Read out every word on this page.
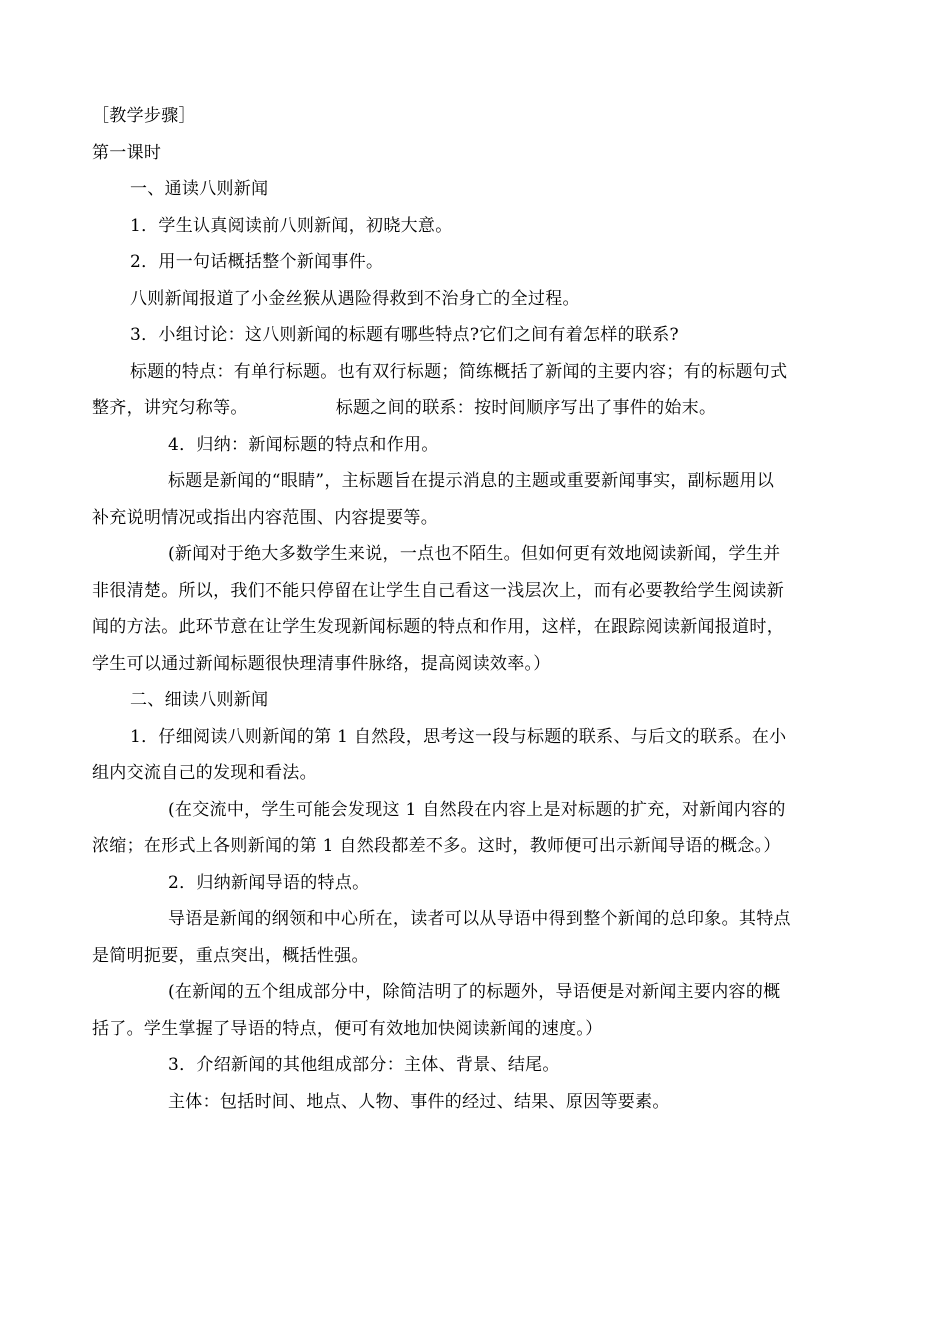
［教学步骤］
第一课时
一、通读八则新闻
1．学生认真阅读前八则新闻，初晓大意。
2．用一句话概括整个新闻事件。
八则新闻报道了小金丝猴从遇险得救到不治身亡的全过程。
3．小组讨论：这八则新闻的标题有哪些特点?它们之间有着怎样的联系?
标题的特点：有单行标题。也有双行标题；简练概括了新闻的主要内容；有的标题句式
整齐，讲究匀称等。	标题之间的联系：按时间顺序写出了事件的始末。
4．归纳：新闻标题的特点和作用。
标题是新闻的“眼睛”，主标题旨在提示消息的主题或重要新闻事实，副标题用以
补充说明情况或指出内容范围、内容提要等。
(新闻对于绝大多数学生来说，一点也不陌生。但如何更有效地阅读新闻，学生并
非很清楚。所以，我们不能只停留在让学生自己看这一浅层次上，而有必要教给学生阅读新
闻的方法。此环节意在让学生发现新闻标题的特点和作用，这样，在跟踪阅读新闻报道时，
学生可以通过新闻标题很快理清事件脉络，提高阅读效率。）
二、细读八则新闻
1．仔细阅读八则新闻的第 1 自然段，思考这一段与标题的联系、与后文的联系。在小
组内交流自己的发现和看法。
(在交流中，学生可能会发现这 1 自然段在内容上是对标题的扩充，对新闻内容的
浓缩；在形式上各则新闻的第 1 自然段都差不多。这时，教师便可出示新闻导语的概念。）
2．归纳新闻导语的特点。
导语是新闻的纲领和中心所在，读者可以从导语中得到整个新闻的总印象。其特点
是简明扼要，重点突出，概括性强。
(在新闻的五个组成部分中，除简洁明了的标题外，导语便是对新闻主要内容的概
括了。学生掌握了导语的特点，便可有效地加快阅读新闻的速度。）
3．介绍新闻的其他组成部分：主体、背景、结尾。
主体：包括时间、地点、人物、事件的经过、结果、原因等要素。
